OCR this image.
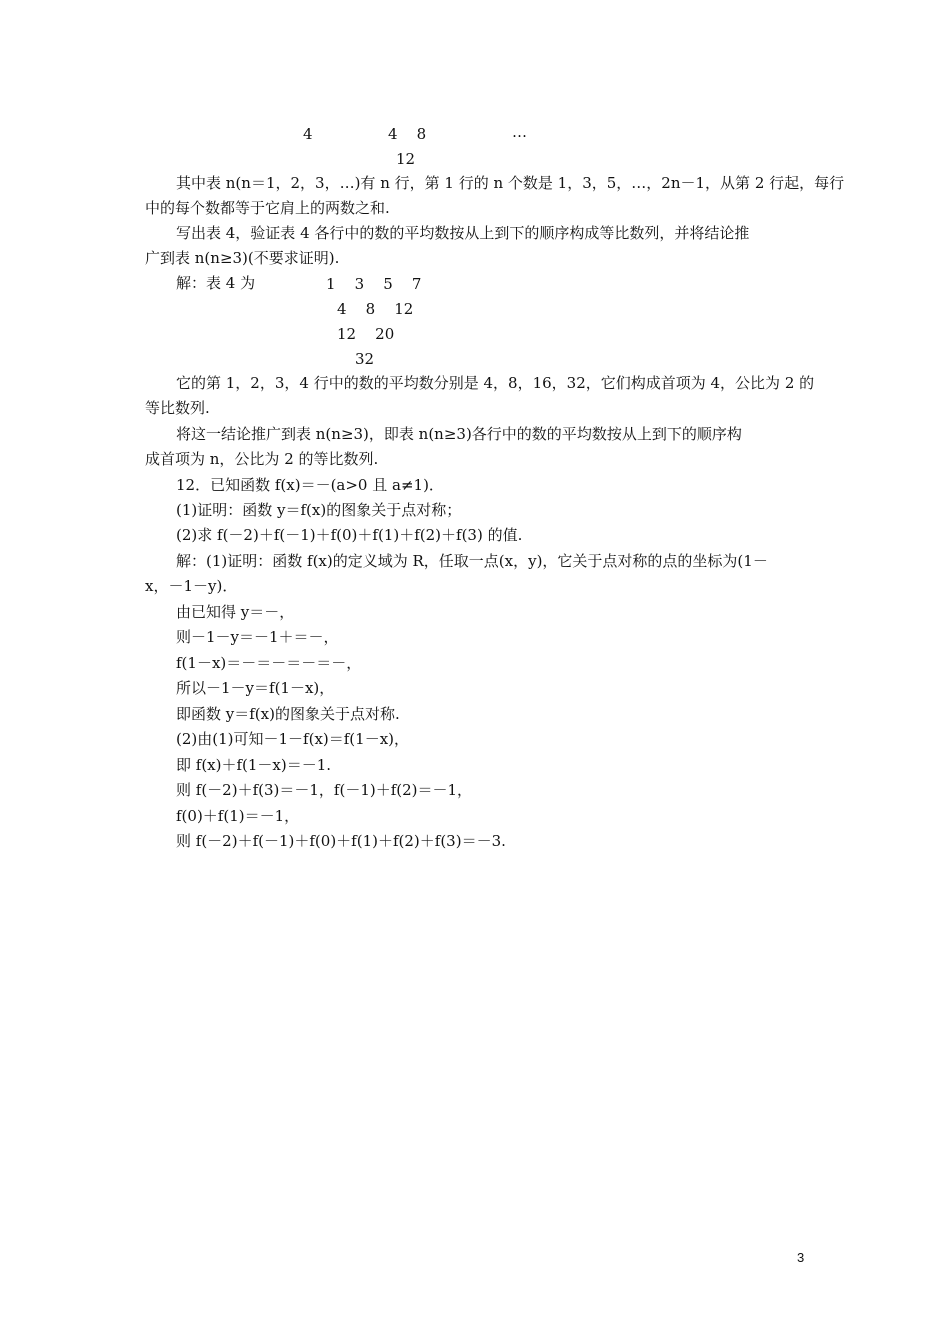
4	4    8	…
12
其中表 n(n＝1，2，3，…)有 n 行，第 1 行的 n 个数是 1，3，5，…，2n－1，从第 2 行起，每行
中的每个数都等于它肩上的两数之和.
写出表 4，验证表 4 各行中的数的平均数按从上到下的顺序构成等比数列，并将结论推
广到表 n(n≥3)(不要求证明).
解：表 4 为	1    3    5    7
4    8    12
12    20
32
它的第 1，2，3，4 行中的数的平均数分别是 4，8，16，32，它们构成首项为 4，公比为 2 的
等比数列.
将这一结论推广到表 n(n≥3)，即表 n(n≥3)各行中的数的平均数按从上到下的顺序构
成首项为 n，公比为 2 的等比数列.
12．已知函数 f(x)＝－(a>0 且 a≠1)．
(1)证明：函数 y＝f(x)的图象关于点对称；
(2)求 f(－2)＋f(－1)＋f(0)＋f(1)＋f(2)＋f(3) 的值.
解：(1)证明：函数 f(x)的定义域为 R，任取一点(x，y)，它关于点对称的点的坐标为(1－
x，－1－y)．
由已知得 y＝－，
则－1－y＝－1＋＝－，
f(1－x)＝－＝－＝－＝－，
所以－1－y＝f(1－x)，
即函数 y＝f(x)的图象关于点对称.
(2)由(1)可知－1－f(x)＝f(1－x)，
即 f(x)＋f(1－x)＝－1.
则 f(－2)＋f(3)＝－1，f(－1)＋f(2)＝－1，
f(0)＋f(1)＝－1，
则 f(－2)＋f(－1)＋f(0)＋f(1)＋f(2)＋f(3)＝－3.
3
